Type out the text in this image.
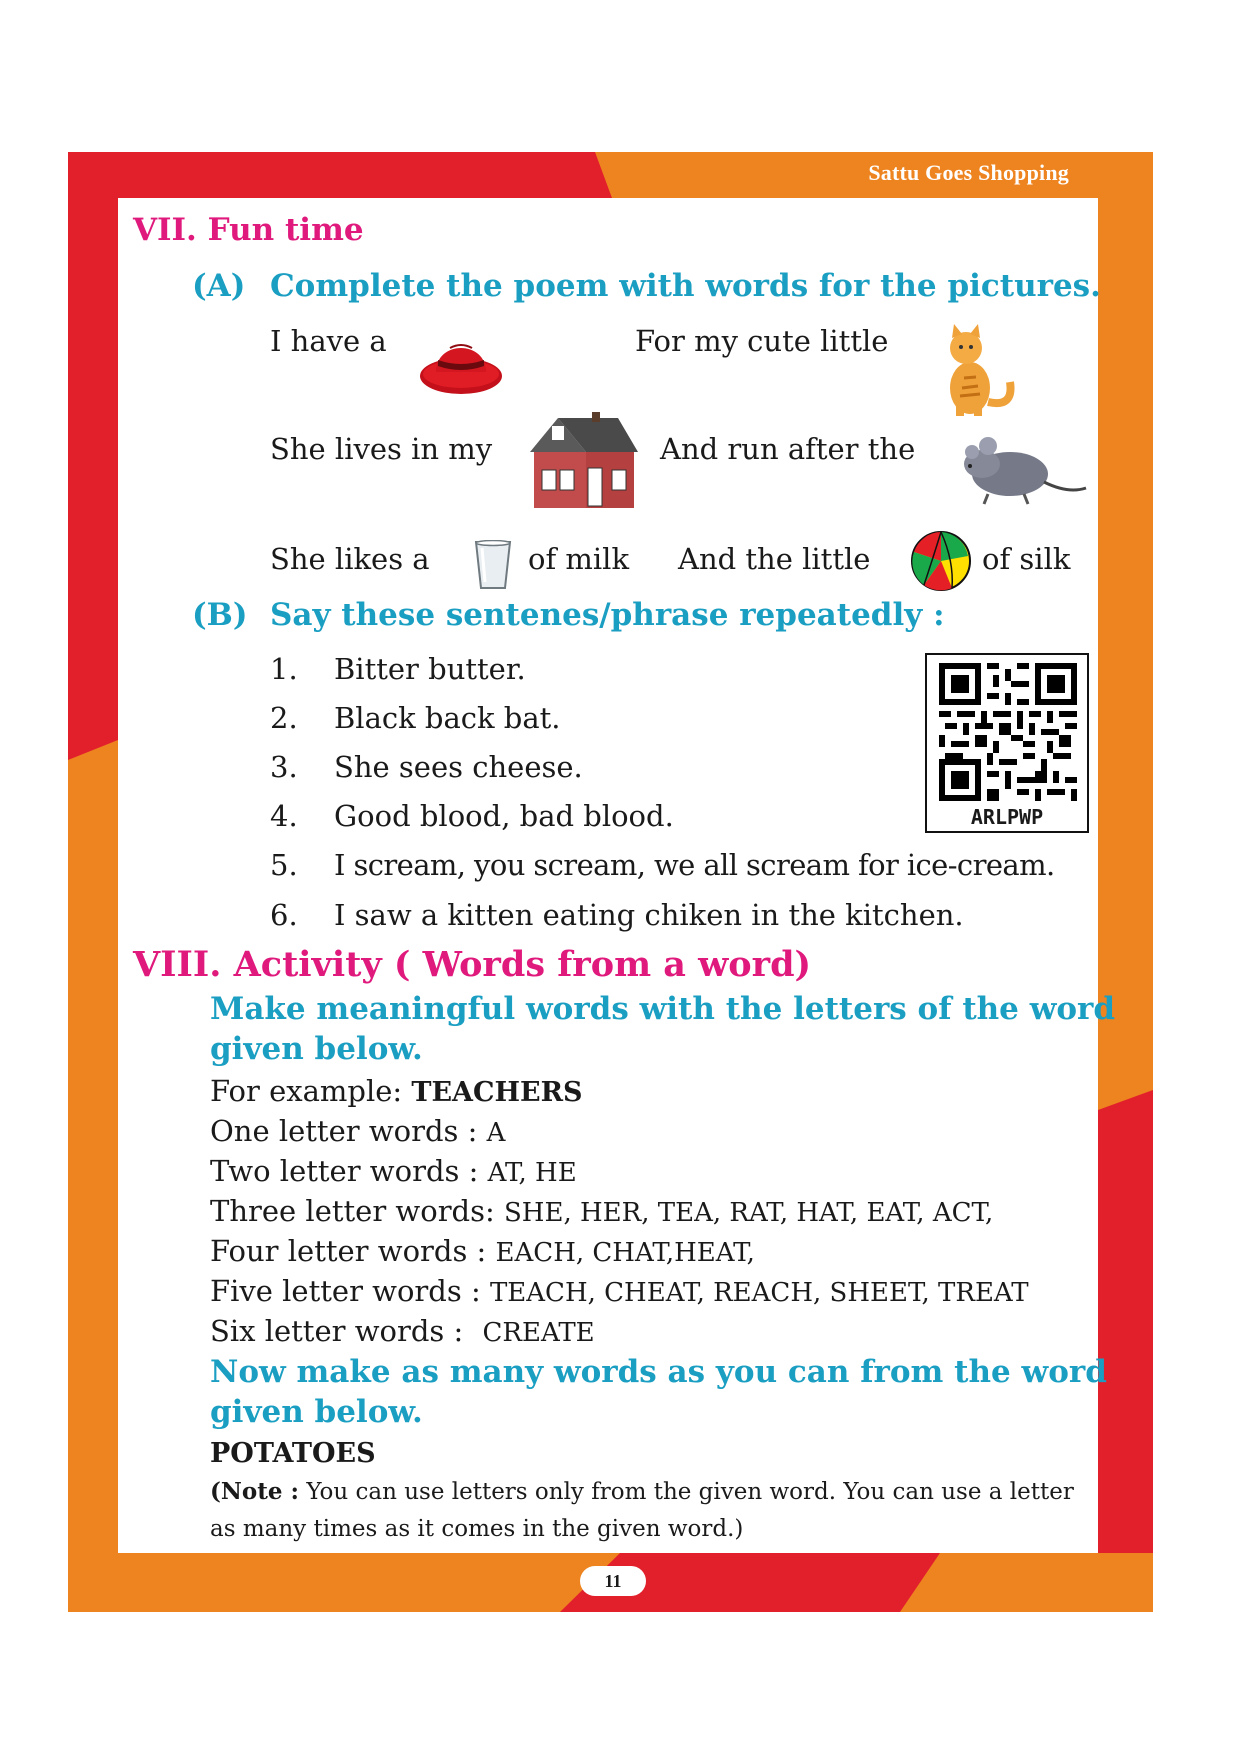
Sattu Goes Shopping
VII. Fun time
(A) Complete the poem with words for the pictures.
I have a	For my cute little
She lives in my	And run after the
She likes a	of milk And the little	of silk
(B) Say these sentenes/phrase repeatedly :
1. Bitter butter.
2. Black back bat.
3. She sees cheese.
4. Good blood, bad blood.
5. I scream, you scream, we all scream for ice-cream.
6. I saw a kitten eating chiken in the kitchen.
ARLPWP
VIII. Activity ( Words from a word)
Make meaningful words with the letters of the word
given below.
For example: TEACHERS
One letter words : A
Two letter words : AT, HE
Three letter words: SHE, HER, TEA, RAT, HAT, EAT, ACT,
Four letter words : EACH, CHAT,HEAT,
Five letter words : TEACH, CHEAT, REACH, SHEET, TREAT
Six letter words : CREATE
Now make as many words as you can from the word
given below.
POTATOES
(Note : You can use letters only from the given word. You can use a letter
as many times as it comes in the given word.)
11
